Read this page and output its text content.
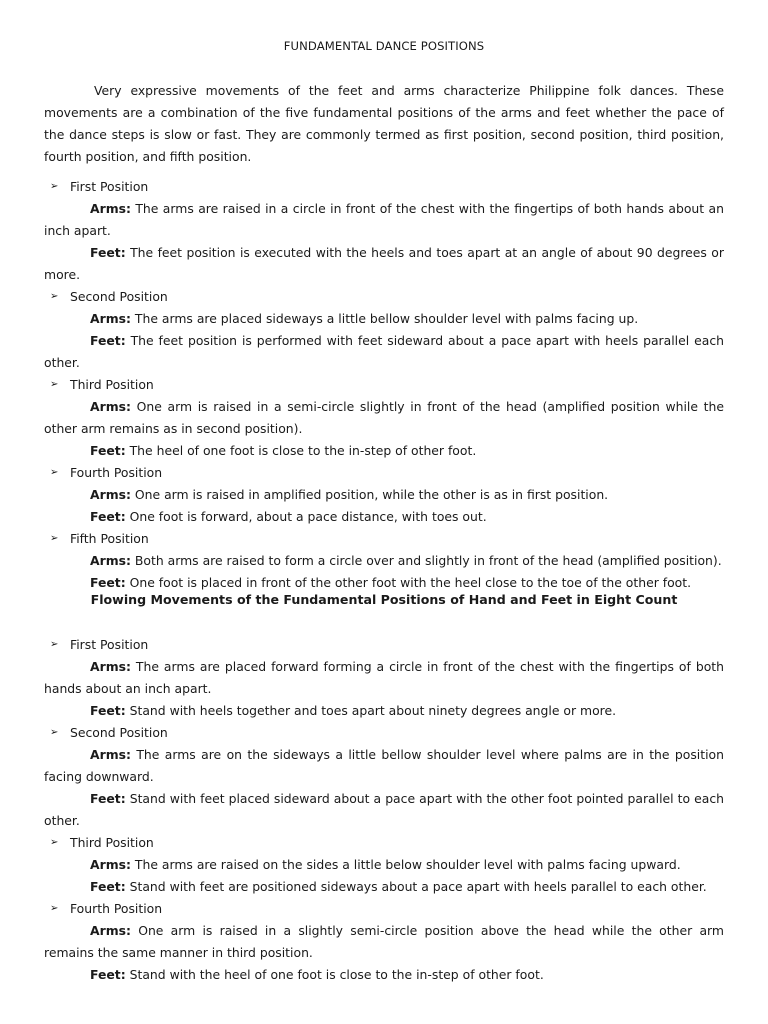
FUNDAMENTAL DANCE POSITIONS

Very expressive movements of the feet and arms characterize Philippine folk dances. These movements are a combination of the five fundamental positions of the arms and feet whether the pace of the dance steps is slow or fast. They are commonly termed as first position, second position, third position, fourth position, and fifth position.

➢ First Position

Arms: The arms are raised in a circle in front of the chest with the fingertips of both hands about an inch apart.

Feet: The feet position is executed with the heels and toes apart at an angle of about 90 degrees or more.

➢ Second Position

Arms: The arms are placed sideways a little bellow shoulder level with palms facing up.

Feet: The feet position is performed with feet sideward about a pace apart with heels parallel each other.

➢ Third Position

Arms: One arm is raised in a semi-circle slightly in front of the head (amplified position while the other arm remains as in second position).

Feet: The heel of one foot is close to the in-step of other foot.

➢ Fourth Position

Arms: One arm is raised in amplified position, while the other is as in first position.

Feet: One foot is forward, about a pace distance, with toes out.

➢ Fifth Position

Arms: Both arms are raised to form a circle over and slightly in front of the head (amplified position).

Feet: One foot is placed in front of the other foot with the heel close to the toe of the other foot.

Flowing Movements of the Fundamental Positions of Hand and Feet in Eight Count
➢ First Position

Arms: The arms are placed forward forming a circle in front of the chest with the fingertips of both hands about an inch apart.

Feet: Stand with heels together and toes apart about ninety degrees angle or more.

➢ Second Position

Arms: The arms are on the sideways a little bellow shoulder level where palms are in the position facing downward.

Feet: Stand with feet placed sideward about a pace apart with the other foot pointed parallel to each other.

➢ Third Position

Arms: The arms are raised on the sides a little below shoulder level with palms facing upward.

Feet: Stand with feet are positioned sideways about a pace apart with heels parallel to each other.

➢ Fourth Position

Arms: One arm is raised in a slightly semi-circle position above the head while the other arm remains the same manner in third position.

Feet: Stand with the heel of one foot is close to the in-step of other foot.
